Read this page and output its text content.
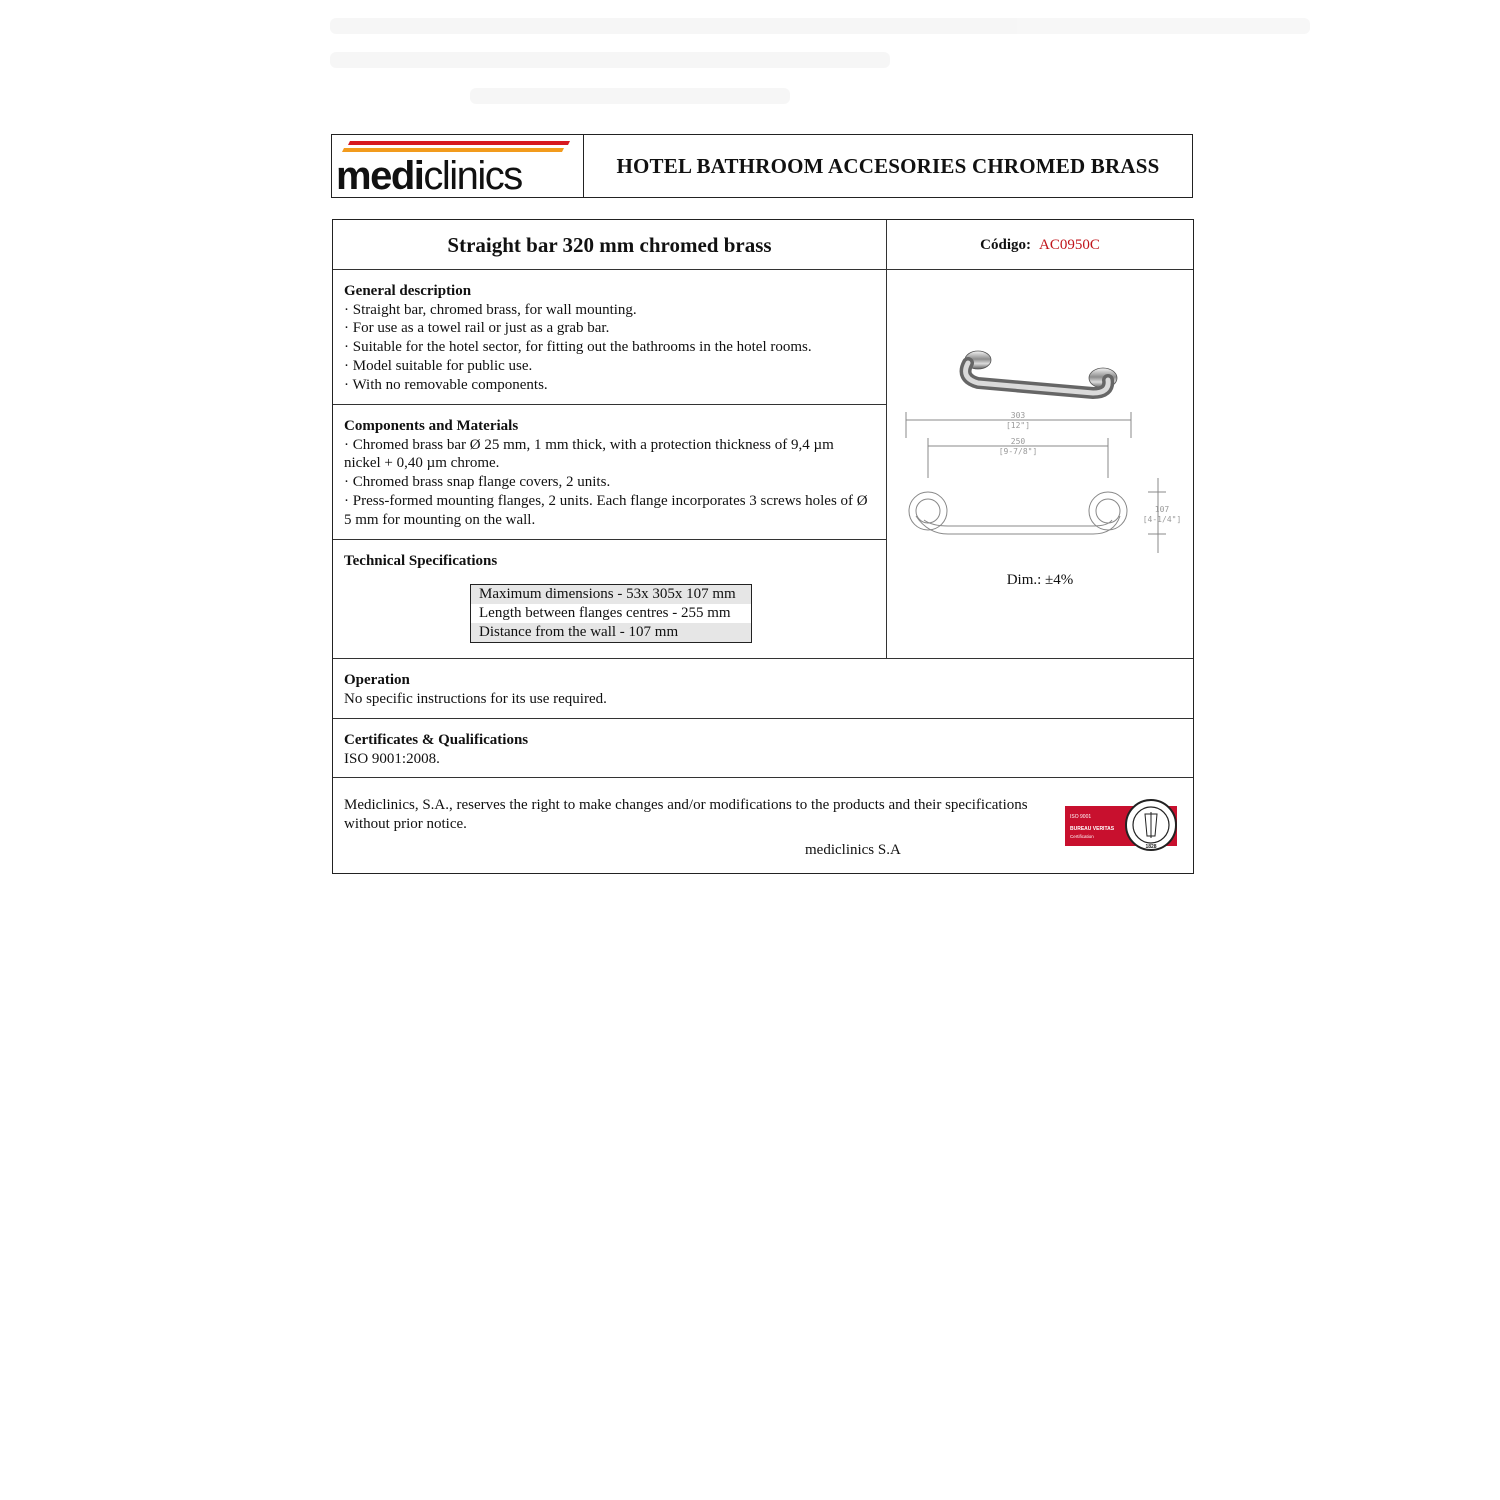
mediclinics	HOTEL BATHROOM ACCESORIES CHROMED BRASS
Straight bar 320 mm chromed brass	Código: AC0950C
General description

· Straight bar, chromed brass, for wall mounting.

· For use as a towel rail or just as a grab bar.

· Suitable for the hotel sector, for fitting out the bathrooms in the hotel rooms.

· Model suitable for public use.

· With no removable components.

Components and Materials

· Chromed brass bar Ø 25 mm, 1 mm thick, with a protection thickness of 9,4 µm nickel + 0,40 µm chrome.

· Chromed brass snap flange covers, 2 units.

· Press-formed mounting flanges, 2 units. Each flange incorporates 3 screws holes of Ø 5 mm for mounting on the wall.

Technical Specifications
Maximum dimensions - 53x 305x 107 mm
Length between flanges centres - 255 mm
Distance from the wall - 107 mm
303
[12"]
250
[9-7/8"]
107
[4-1/4"]
Dim.: ±4%
Operation

No specific instructions for its use required.

Certificates & Qualifications

ISO 9001:2008.

Mediclinics, S.A., reserves the right to make changes and/or modifications to the products and their specifications without prior notice.
mediclinics S.A
ISO 9001
BUREAU VERITAS
Certification
1828
